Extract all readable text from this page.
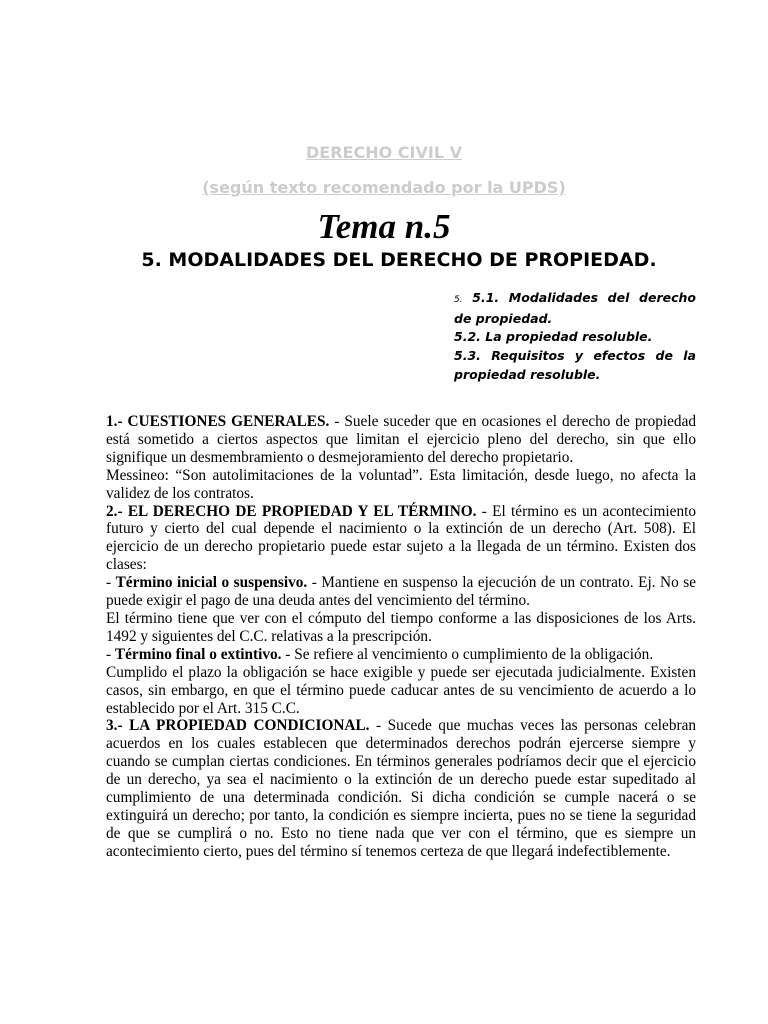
DERECHO CIVIL V
(según texto recomendado por la UPDS)
Tema n.5
5. MODALIDADES DEL DERECHO DE PROPIEDAD.

5. 5.1. Modalidades del derecho de propiedad.

5.2. La propiedad resoluble.

5.3. Requisitos y efectos de la propiedad resoluble.

1.- CUESTIONES GENERALES. - Suele suceder que en ocasiones el derecho de propiedad está sometido a ciertos aspectos que limitan el ejercicio pleno del derecho, sin que ello signifique un desmembramiento o desmejoramiento del derecho propietario.

Messineo: “Son autolimitaciones de la voluntad”. Esta limitación, desde luego, no afecta la validez de los contratos.

2.- EL DERECHO DE PROPIEDAD Y EL TÉRMINO. - El término es un acontecimiento futuro y cierto del cual depende el nacimiento o la extinción de un derecho (Art. 508). El ejercicio de un derecho propietario puede estar sujeto a la llegada de un término. Existen dos clases:

- Término inicial o suspensivo. - Mantiene en suspenso la ejecución de un contrato. Ej. No se puede exigir el pago de una deuda antes del vencimiento del término.

El término tiene que ver con el cómputo del tiempo conforme a las disposiciones de los Arts. 1492 y siguientes del C.C. relativas a la prescripción.

- Término final o extintivo. - Se refiere al vencimiento o cumplimiento de la obligación.

Cumplido el plazo la obligación se hace exigible y puede ser ejecutada judicialmente. Existen casos, sin embargo, en que el término puede caducar antes de su vencimiento de acuerdo a lo establecido por el Art. 315 C.C.

3.- LA PROPIEDAD CONDICIONAL. - Sucede que muchas veces las personas celebran acuerdos en los cuales establecen que determinados derechos podrán ejercerse siempre y cuando se cumplan ciertas condiciones. En términos generales podríamos decir que el ejercicio de un derecho, ya sea el nacimiento o la extinción de un derecho puede estar supeditado al cumplimiento de una determinada condición. Si dicha condición se cumple nacerá o se extinguirá un derecho; por tanto, la condición es siempre incierta, pues no se tiene la seguridad de que se cumplirá o no. Esto no tiene nada que ver con el término, que es siempre un acontecimiento cierto, pues del término sí tenemos certeza de que llegará indefectiblemente.
